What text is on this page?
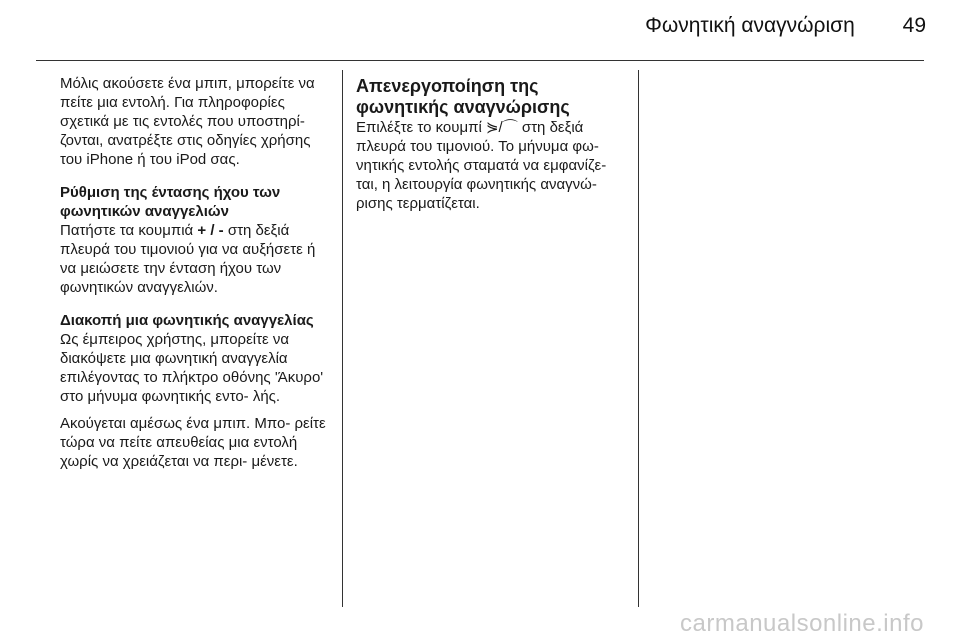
Φωνητική αναγνώριση 49

Μόλις ακούσετε ένα μπιπ, μπορείτε να πείτε μια εντολή. Για πληροφορίες σχετικά με τις εντολές που υποστηρί- ζονται, ανατρέξτε στις οδηγίες χρήσης του iPhone ή του iPod σας.

Ρύθμιση της έντασης ήχου των φωνητικών αναγγελιών
Πατήστε τα κουμπιά + / - στη δεξιά πλευρά του τιμονιού για να αυξήσετε ή να μειώσετε την ένταση ήχου των φωνητικών αναγγελιών.

Διακοπή μια φωνητικής αναγγελίας
Ως έμπειρος χρήστης, μπορείτε να διακόψετε μια φωνητική αναγγελία επιλέγοντας το πλήκτρο οθόνης 'Άκυρο' στο μήνυμα φωνητικής εντο- λής.

Ακούγεται αμέσως ένα μπιπ. Μπο- ρείτε τώρα να πείτε απευθείας μια εντολή χωρίς να χρειάζεται να περι- μένετε.

Απενεργοποίηση της φωνητικής αναγνώρισης

Επιλέξτε το κουμπί ⋟/⌒ στη δεξιά πλευρά του τιμονιού. Το μήνυμα φω- νητικής εντολής σταματά να εμφανίζε- ται, η λειτουργία φωνητικής αναγνώ- ρισης τερματίζεται.

carmanualsonline.info
